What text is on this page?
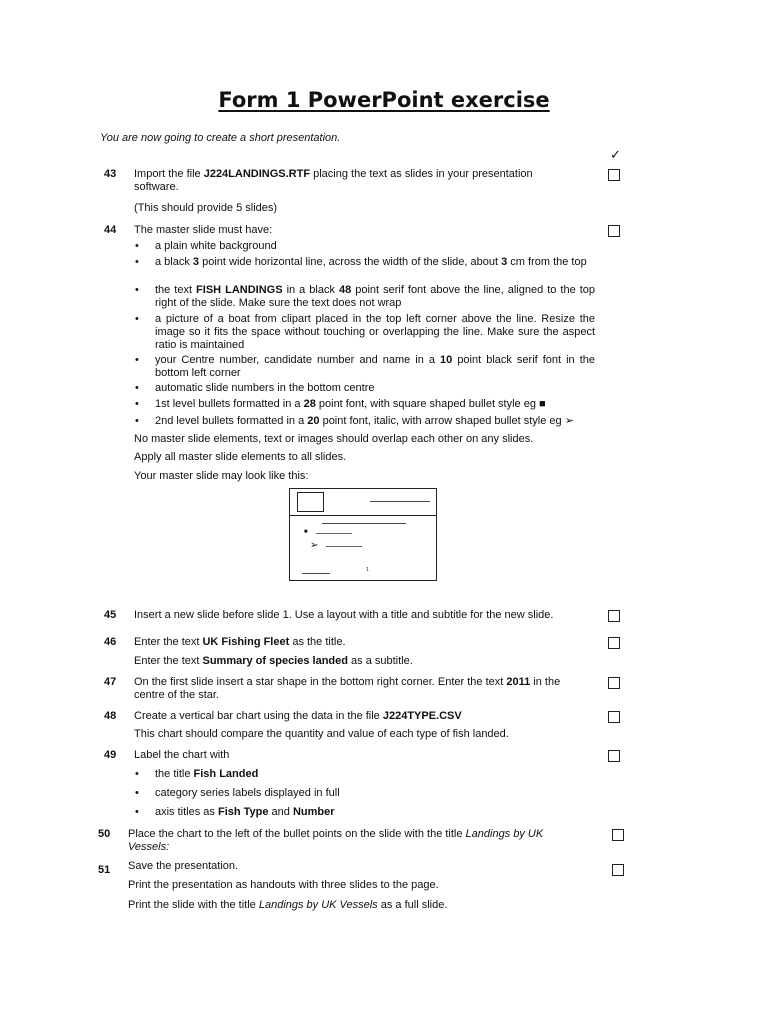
Form 1 PowerPoint exercise

You are now going to create a short presentation.

✓
43 Import the file J224LANDINGS.RTF placing the text as slides in your presentation software.

(This should provide 5 slides)

44 The master slide must have:

• a plain white background

• a black 3 point wide horizontal line, across the width of the slide, about 3 cm from the top

• the text FISH LANDINGS in a black 48 point serif font above the line, aligned to the top right of the slide. Make sure the text does not wrap

• a picture of a boat from clipart placed in the top left corner above the line. Resize the image so it fits the space without touching or overlapping the line. Make sure the aspect ratio is maintained

• your Centre number, candidate number and name in a 10 point black serif font in the bottom left corner

• automatic slide numbers in the bottom centre

• 1st level bullets formatted in a 28 point font, with square shaped bullet style eg ■

• 2nd level bullets formatted in a 20 point font, italic, with arrow shaped bullet style eg ➢

No master slide elements, text or images should overlap each other on any slides.

Apply all master slide elements to all slides.

Your master slide may look like this:

■
➢
1
45 Insert a new slide before slide 1. Use a layout with a title and subtitle for the new slide.

46 Enter the text UK Fishing Fleet as the title.

Enter the text Summary of species landed as a subtitle.

47 On the first slide insert a star shape in the bottom right corner. Enter the text 2011 in the centre of the star.

48 Create a vertical bar chart using the data in the file J224TYPE.CSV

This chart should compare the quantity and value of each type of fish landed.

49 Label the chart with

• the title Fish Landed

• category series labels displayed in full

• axis titles as Fish Type and Number

50 Place the chart to the left of the bullet points on the slide with the title Landings by UK Vessels:

51 Save the presentation.

Print the presentation as handouts with three slides to the page.

Print the slide with the title Landings by UK Vessels as a full slide.
